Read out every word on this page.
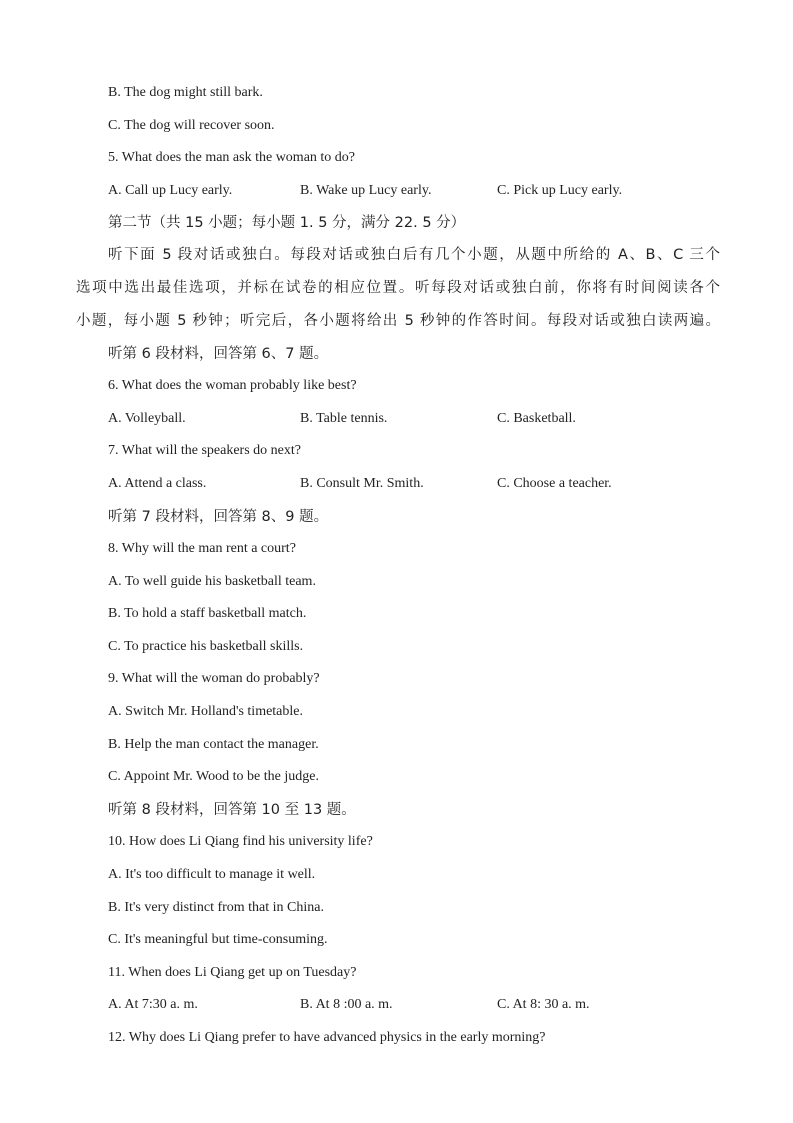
B. The dog might still bark.
C. The dog will recover soon.
5. What does the man ask the woman to do?
A. Call up Lucy early.	B. Wake up Lucy early.	C. Pick up Lucy early.
第二节（共 15 小题；每小题 1. 5 分，满分 22. 5 分）
听下面 5 段对话或独白。每段对话或独白后有几个小题，从题中所给的 A、B、C 三个
选项中选出最佳选项，并标在试卷的相应位置。听每段对话或独白前，你将有时间阅读各个
小题，每小题 5 秒钟；听完后，各小题将给出 5 秒钟的作答时间。每段对话或独白读两遍。
听第 6 段材料，回答第 6、7 题。
6. What does the woman probably like best?
A. Volleyball.	B. Table tennis.	C. Basketball.
7. What will the speakers do next?
A. Attend a class.	B. Consult Mr. Smith.	C. Choose a teacher.
听第 7 段材料，回答第 8、9 题。
8. Why will the man rent a court?
A. To well guide his basketball team.
B. To hold a staff basketball match.
C. To practice his basketball skills.
9. What will the woman do probably?
A. Switch Mr. Holland's timetable.
B. Help the man contact the manager.
C. Appoint Mr. Wood to be the judge.
听第 8 段材料，回答第 10 至 13 题。
10. How does Li Qiang find his university life?
A. It's too difficult to manage it well.
B. It's very distinct from that in China.
C. It's meaningful but time-consuming.
11. When does Li Qiang get up on Tuesday?
A. At 7:30 a. m.	B. At 8 :00 a. m.	C. At 8: 30 a. m.
12. Why does Li Qiang prefer to have advanced physics in the early morning?
